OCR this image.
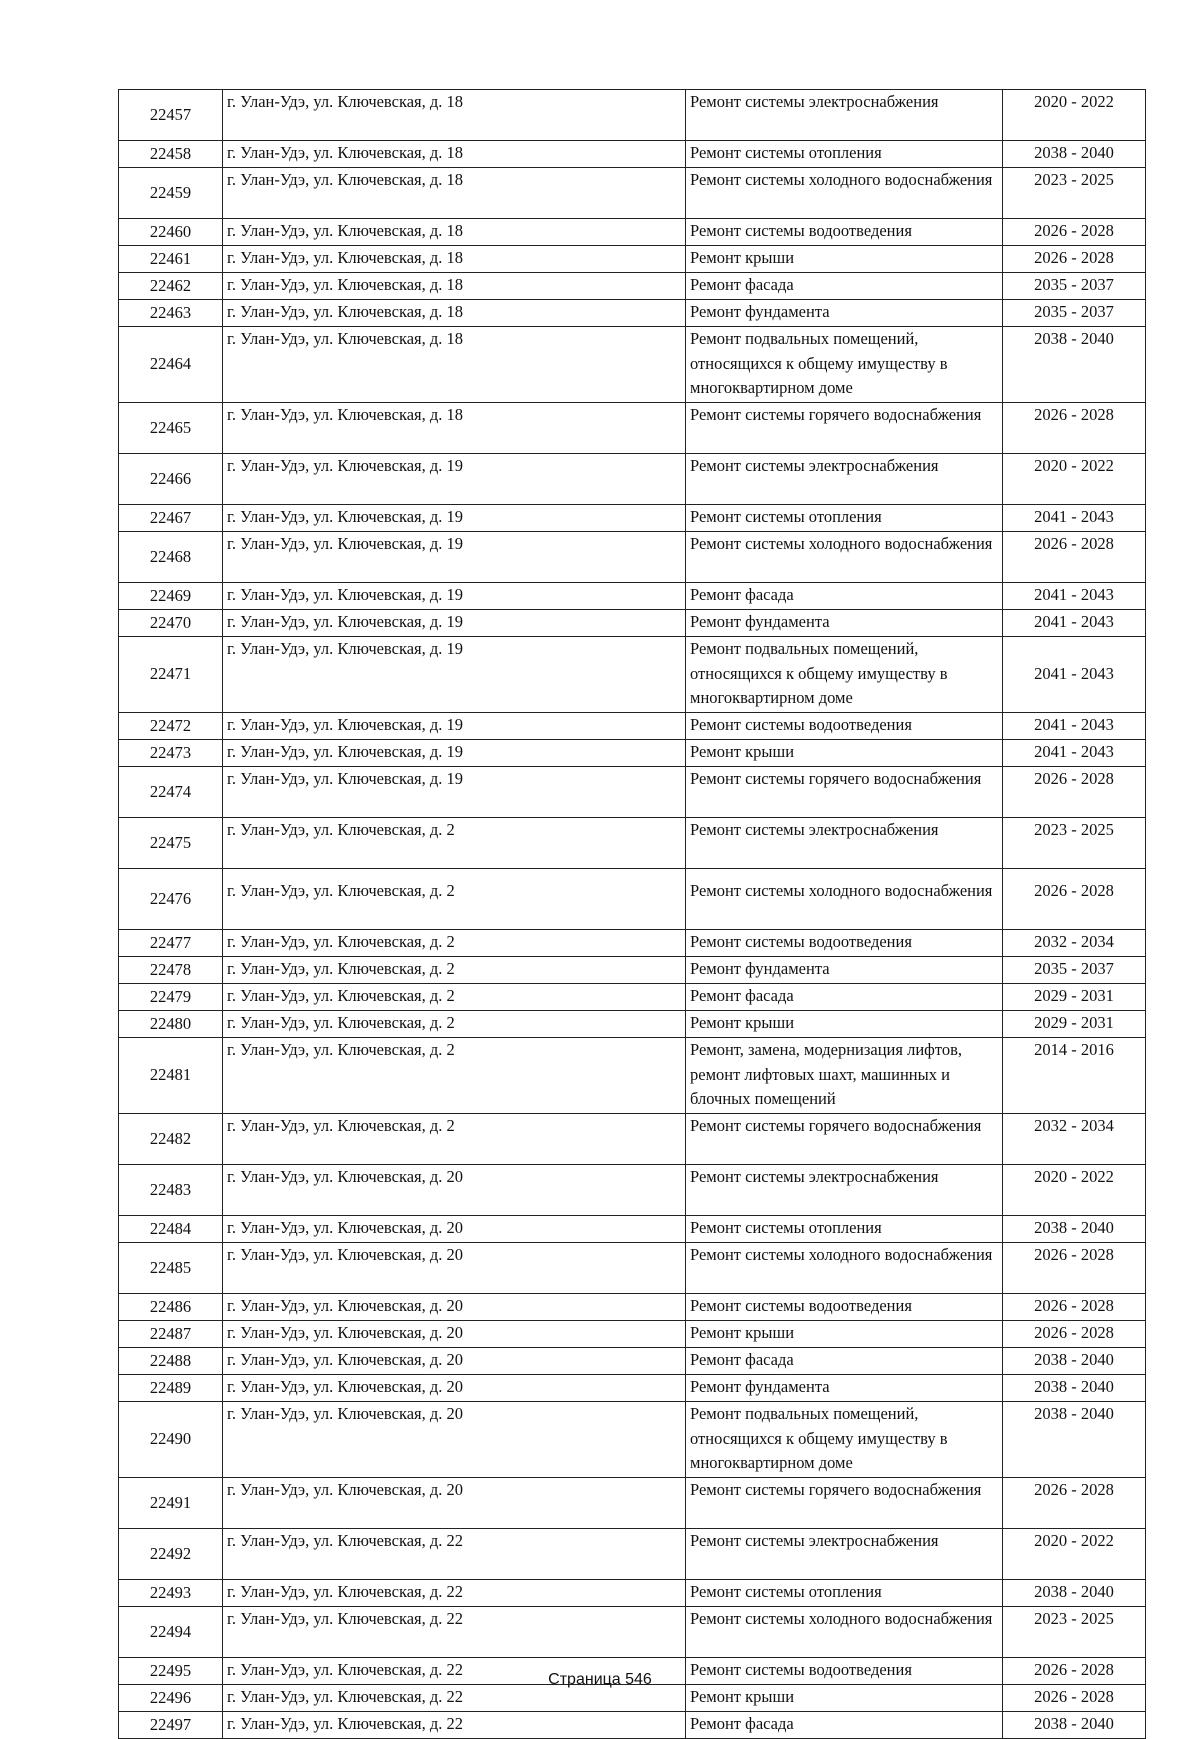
22457	г. Улан-Удэ, ул. Ключевская, д. 18	Ремонт системы электроснабжения	2020 - 2022
22458	г. Улан-Удэ, ул. Ключевская, д. 18	Ремонт системы отопления	2038 - 2040
22459	г. Улан-Удэ, ул. Ключевская, д. 18	Ремонт системы холодного водоснабжения	2023 - 2025
22460	г. Улан-Удэ, ул. Ключевская, д. 18	Ремонт системы водоотведения	2026 - 2028
22461	г. Улан-Удэ, ул. Ключевская, д. 18	Ремонт крыши	2026 - 2028
22462	г. Улан-Удэ, ул. Ключевская, д. 18	Ремонт фасада	2035 - 2037
22463	г. Улан-Удэ, ул. Ключевская, д. 18	Ремонт фундамента	2035 - 2037
22464	г. Улан-Удэ, ул. Ключевская, д. 18	Ремонт подвальных помещений, относящихся к общему имуществу в многоквартирном доме	2038 - 2040
22465	г. Улан-Удэ, ул. Ключевская, д. 18	Ремонт системы горячего водоснабжения	2026 - 2028
22466	г. Улан-Удэ, ул. Ключевская, д. 19	Ремонт системы электроснабжения	2020 - 2022
22467	г. Улан-Удэ, ул. Ключевская, д. 19	Ремонт системы отопления	2041 - 2043
22468	г. Улан-Удэ, ул. Ключевская, д. 19	Ремонт системы холодного водоснабжения	2026 - 2028
22469	г. Улан-Удэ, ул. Ключевская, д. 19	Ремонт фасада	2041 - 2043
22470	г. Улан-Удэ, ул. Ключевская, д. 19	Ремонт фундамента	2041 - 2043
22471	г. Улан-Удэ, ул. Ключевская, д. 19	Ремонт подвальных помещений, относящихся к общему имуществу в многоквартирном доме	2041 - 2043
22472	г. Улан-Удэ, ул. Ключевская, д. 19	Ремонт системы водоотведения	2041 - 2043
22473	г. Улан-Удэ, ул. Ключевская, д. 19	Ремонт крыши	2041 - 2043
22474	г. Улан-Удэ, ул. Ключевская, д. 19	Ремонт системы горячего водоснабжения	2026 - 2028
22475	г. Улан-Удэ, ул. Ключевская, д. 2	Ремонт системы электроснабжения	2023 - 2025
22476	г. Улан-Удэ, ул. Ключевская, д. 2	Ремонт системы холодного водоснабжения	2026 - 2028
22477	г. Улан-Удэ, ул. Ключевская, д. 2	Ремонт системы водоотведения	2032 - 2034
22478	г. Улан-Удэ, ул. Ключевская, д. 2	Ремонт фундамента	2035 - 2037
22479	г. Улан-Удэ, ул. Ключевская, д. 2	Ремонт фасада	2029 - 2031
22480	г. Улан-Удэ, ул. Ключевская, д. 2	Ремонт крыши	2029 - 2031
22481	г. Улан-Удэ, ул. Ключевская, д. 2	Ремонт, замена, модернизация лифтов, ремонт лифтовых шахт, машинных и блочных помещений	2014 - 2016
22482	г. Улан-Удэ, ул. Ключевская, д. 2	Ремонт системы горячего водоснабжения	2032 - 2034
22483	г. Улан-Удэ, ул. Ключевская, д. 20	Ремонт системы электроснабжения	2020 - 2022
22484	г. Улан-Удэ, ул. Ключевская, д. 20	Ремонт системы отопления	2038 - 2040
22485	г. Улан-Удэ, ул. Ключевская, д. 20	Ремонт системы холодного водоснабжения	2026 - 2028
22486	г. Улан-Удэ, ул. Ключевская, д. 20	Ремонт системы водоотведения	2026 - 2028
22487	г. Улан-Удэ, ул. Ключевская, д. 20	Ремонт крыши	2026 - 2028
22488	г. Улан-Удэ, ул. Ключевская, д. 20	Ремонт фасада	2038 - 2040
22489	г. Улан-Удэ, ул. Ключевская, д. 20	Ремонт фундамента	2038 - 2040
22490	г. Улан-Удэ, ул. Ключевская, д. 20	Ремонт подвальных помещений, относящихся к общему имуществу в многоквартирном доме	2038 - 2040
22491	г. Улан-Удэ, ул. Ключевская, д. 20	Ремонт системы горячего водоснабжения	2026 - 2028
22492	г. Улан-Удэ, ул. Ключевская, д. 22	Ремонт системы электроснабжения	2020 - 2022
22493	г. Улан-Удэ, ул. Ключевская, д. 22	Ремонт системы отопления	2038 - 2040
22494	г. Улан-Удэ, ул. Ключевская, д. 22	Ремонт системы холодного водоснабжения	2023 - 2025
22495	г. Улан-Удэ, ул. Ключевская, д. 22	Ремонт системы водоотведения	2026 - 2028
22496	г. Улан-Удэ, ул. Ключевская, д. 22	Ремонт крыши	2026 - 2028
22497	г. Улан-Удэ, ул. Ключевская, д. 22	Ремонт фасада	2038 - 2040
Страница 546
